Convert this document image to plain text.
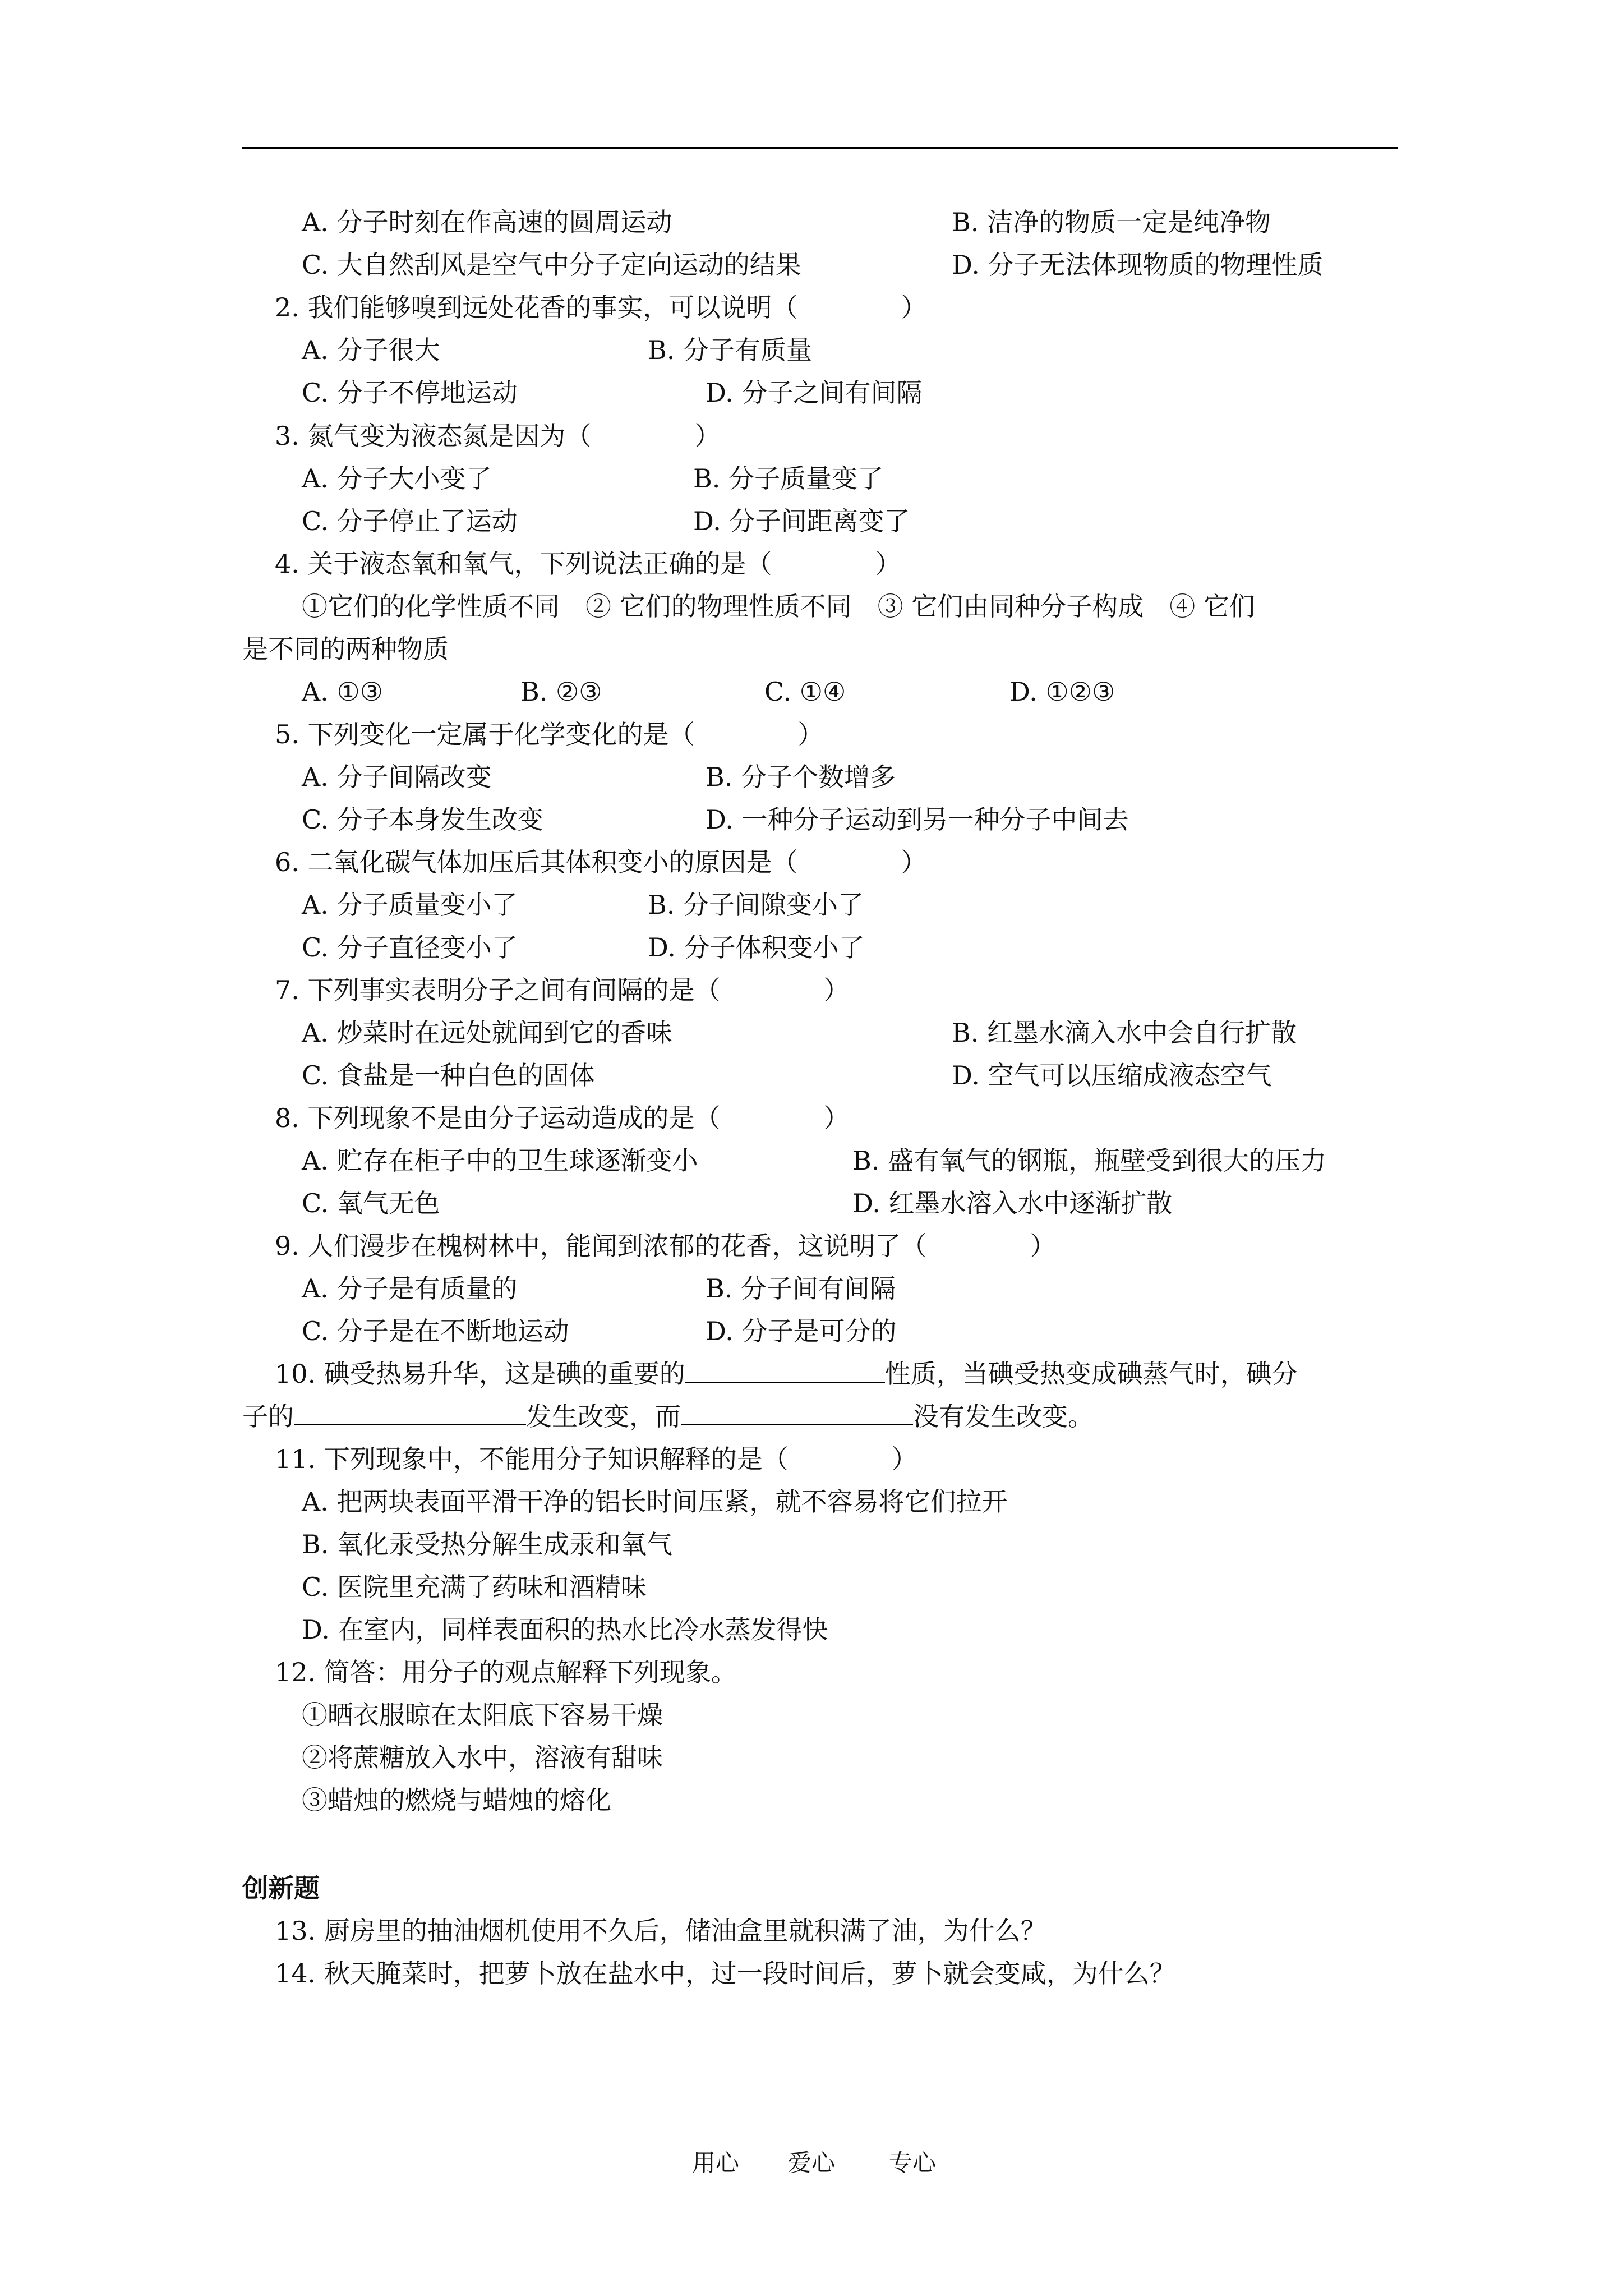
A. 分子时刻在作高速的圆周运动	B. 洁净的物质一定是纯净物
C. 大自然刮风是空气中分子定向运动的结果	D. 分子无法体现物质的物理性质
2. 我们能够嗅到远处花香的事实，可以说明（　　　　）
A. 分子很大	B. 分子有质量
C. 分子不停地运动	D. 分子之间有间隔
3. 氮气变为液态氮是因为（　　　　）
A. 分子大小变了	B. 分子质量变了
C. 分子停止了运动	D. 分子间距离变了
4. 关于液态氧和氧气，下列说法正确的是（　　　　）
①它们的化学性质不同　② 它们的物理性质不同　③ 它们由同种分子构成　④ 它们
是不同的两种物质
A. ①③	B. ②③	C. ①④	D. ①②③
5. 下列变化一定属于化学变化的是（　　　　）
A. 分子间隔改变	B. 分子个数增多
C. 分子本身发生改变	D. 一种分子运动到另一种分子中间去
6. 二氧化碳气体加压后其体积变小的原因是（　　　　）
A. 分子质量变小了	B. 分子间隙变小了
C. 分子直径变小了	D. 分子体积变小了
7. 下列事实表明分子之间有间隔的是（　　　　）
A. 炒菜时在远处就闻到它的香味	B. 红墨水滴入水中会自行扩散
C. 食盐是一种白色的固体	D. 空气可以压缩成液态空气
8. 下列现象不是由分子运动造成的是（　　　　）
A. 贮存在柜子中的卫生球逐渐变小	B. 盛有氧气的钢瓶，瓶壁受到很大的压力
C. 氧气无色	D. 红墨水溶入水中逐渐扩散
9. 人们漫步在槐树林中，能闻到浓郁的花香，这说明了（　　　　）
A. 分子是有质量的	B. 分子间有间隔
C. 分子是在不断地运动	D. 分子是可分的
10. 碘受热易升华，这是碘的重要的	性质，当碘受热变成碘蒸气时，碘分
子的	发生改变，而	没有发生改变。
11. 下列现象中，不能用分子知识解释的是（　　　　）
A. 把两块表面平滑干净的铝长时间压紧，就不容易将它们拉开
B. 氧化汞受热分解生成汞和氧气
C. 医院里充满了药味和酒精味
D. 在室内，同样表面积的热水比冷水蒸发得快
12. 简答：用分子的观点解释下列现象。
①晒衣服晾在太阳底下容易干燥
②将蔗糖放入水中，溶液有甜味
③蜡烛的燃烧与蜡烛的熔化
创新题
13. 厨房里的抽油烟机使用不久后，储油盒里就积满了油，为什么？
14. 秋天腌菜时，把萝卜放在盐水中，过一段时间后，萝卜就会变咸，为什么？
用心 爱心 专心
